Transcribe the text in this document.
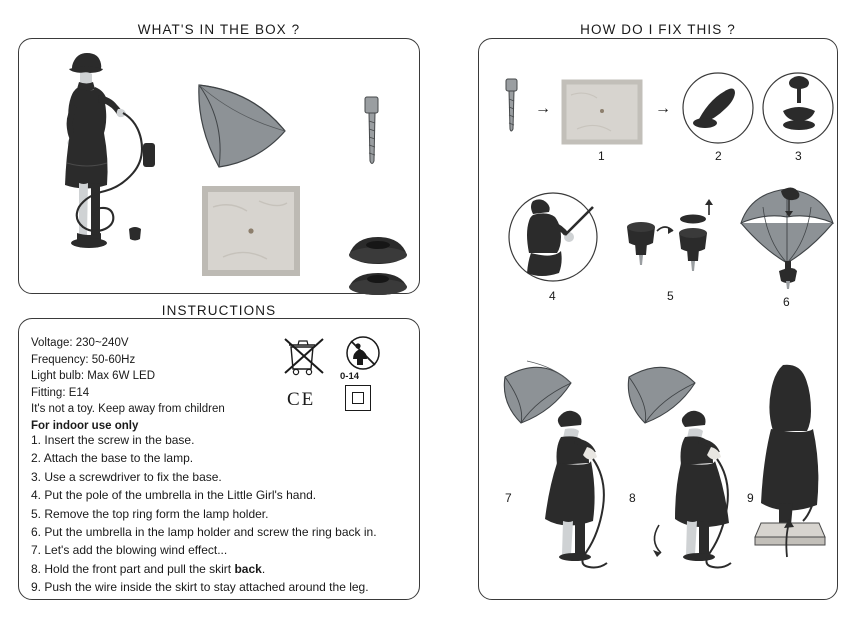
WHAT'S IN THE BOX ?
Voltage: 230~240V
Frequency: 50-60Hz
Light bulb: Max 6W LED
Fitting: E14
It's not a toy. Keep away from children
For indoor use only
0-14
CE
1. Insert the screw in the base.
2. Attach the base to the lamp.
3. Use a screwdriver to fix the base.
4. Put the pole of the umbrella in the Little Girl's hand.
5. Remove the top ring form the lamp holder.
6. Put the umbrella in the lamp holder and screw the ring back in.
7. Let's add the blowing wind effect...
8. Hold the front part and pull the skirt back.
9. Push the wire inside the skirt to stay attached around the leg.
INSTRUCTIONS
→
1
→
2	3
4	5	6
7	8	9
HOW DO I FIX THIS ?
